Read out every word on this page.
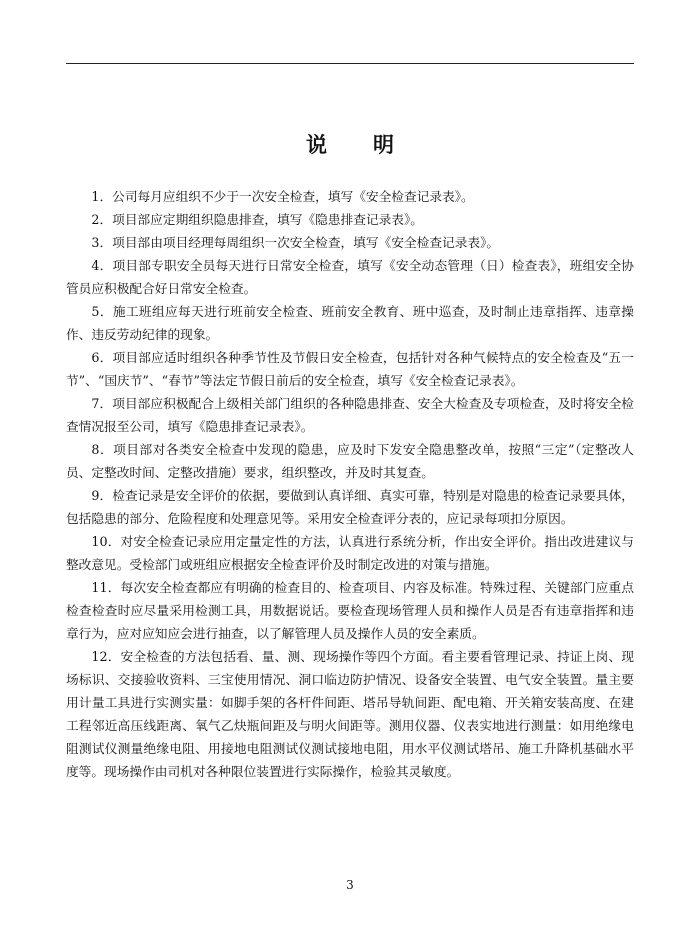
说 明

1．公司每月应组织不少于一次安全检查，填写《安全检查记录表》。

2．项目部应定期组织隐患排查，填写《隐患排查记录表》。

3．项目部由项目经理每周组织一次安全检查，填写《安全检查记录表》。

4．项目部专职安全员每天进行日常安全检查，填写《安全动态管理（日）检查表》，班组安全协管员应积极配合好日常安全检查。

5．施工班组应每天进行班前安全检查、班前安全教育、班中巡查，及时制止违章指挥、违章操作、违反劳动纪律的现象。

6．项目部应适时组织各种季节性及节假日安全检查，包括针对各种气候特点的安全检查及“五一节”、“国庆节”、“春节”等法定节假日前后的安全检查，填写《安全检查记录表》。

7．项目部应积极配合上级相关部门组织的各种隐患排查、安全大检查及专项检查，及时将安全检查情况报至公司，填写《隐患排查记录表》。

8．项目部对各类安全检查中发现的隐患，应及时下发安全隐患整改单，按照“三定”（定整改人员、定整改时间、定整改措施）要求，组织整改，并及时其复查。

9．检查记录是安全评价的依据，要做到认真详细、真实可靠，特别是对隐患的检查记录要具体，包括隐患的部分、危险程度和处理意见等。采用安全检查评分表的，应记录每项扣分原因。

10．对安全检查记录应用定量定性的方法，认真进行系统分析，作出安全评价。指出改进建议与整改意见。受检部门或班组应根据安全检查评价及时制定改进的对策与措施。

11．每次安全检查都应有明确的检查目的、检查项目、内容及标准。特殊过程、关键部门应重点检查检查时应尽量采用检测工具，用数据说话。要检查现场管理人员和操作人员是否有违章指挥和违章行为，应对应知应会进行抽查，以了解管理人员及操作人员的安全素质。

12．安全检查的方法包括看、量、测、现场操作等四个方面。看主要看管理记录、持证上岗、现场标识、交接验收资料、三宝使用情况、洞口临边防护情况、设备安全装置、电气安全装置。量主要用计量工具进行实测实量：如脚手架的各杆件间距、塔吊导轨间距、配电箱、开关箱安装高度、在建工程邻近高压线距离、氧气乙炔瓶间距及与明火间距等。测用仪器、仪表实地进行测量：如用绝缘电阻测试仪测量绝缘电阻、用接地电阻测试仪测试接地电阻，用水平仪测试塔吊、施工升降机基础水平度等。现场操作由司机对各种限位装置进行实际操作，检验其灵敏度。

3
